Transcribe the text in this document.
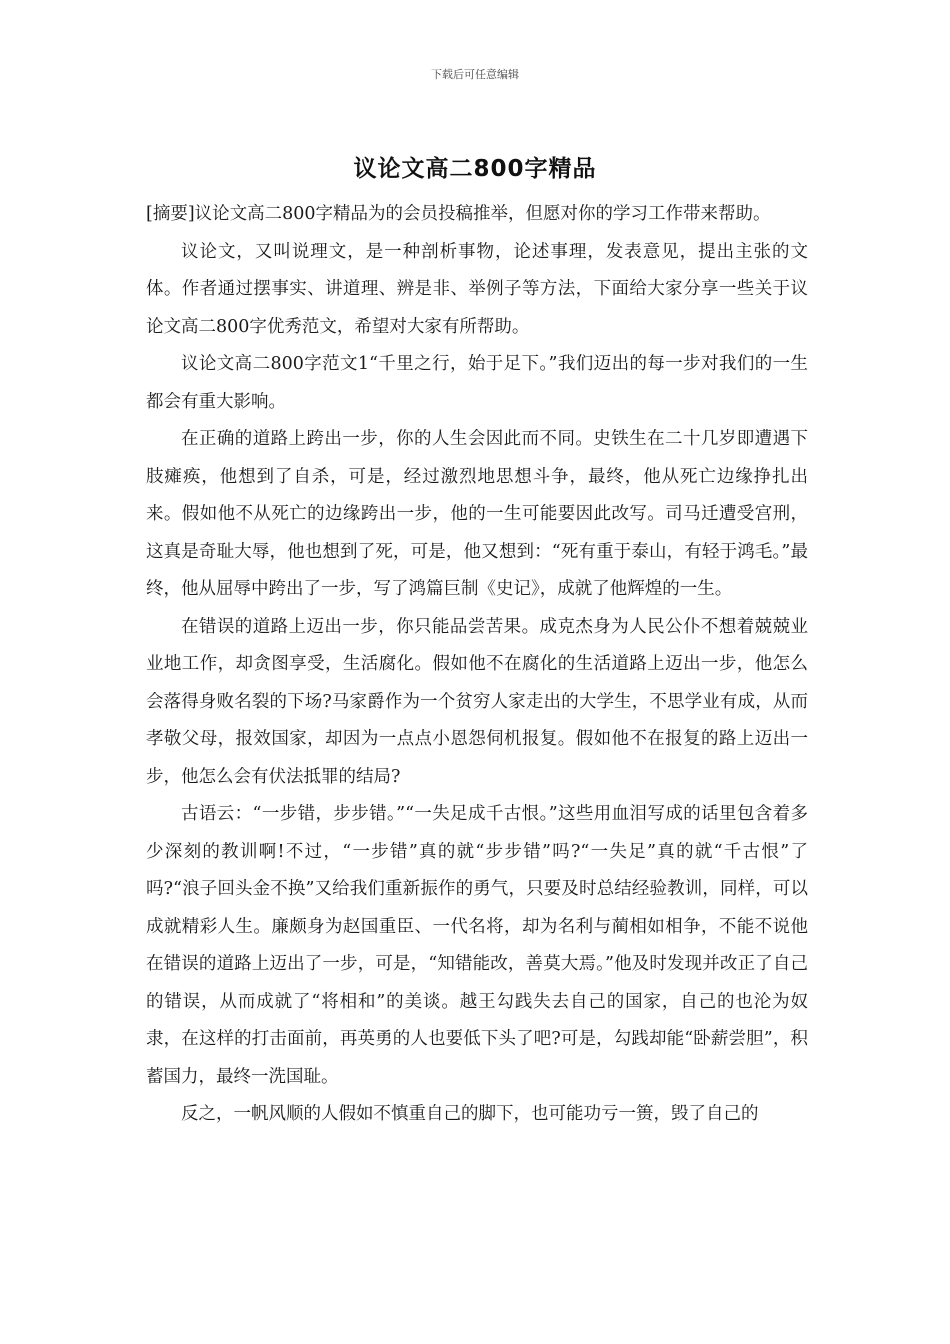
下载后可任意编辑
议论文高二800字精品

[摘要]议论文高二800字精品为的会员投稿推举，但愿对你的学习工作带来帮助。

议论文，又叫说理文，是一种剖析事物，论述事理，发表意见，提出主张的文体。作者通过摆事实、讲道理、辨是非、举例子等方法，下面给大家分享一些关于议论文高二800字优秀范文，希望对大家有所帮助。

议论文高二800字范文1“千里之行，始于足下。”我们迈出的每一步对我们的一生都会有重大影响。

在正确的道路上跨出一步，你的人生会因此而不同。史铁生在二十几岁即遭遇下肢瘫痪，他想到了自杀，可是，经过激烈地思想斗争，最终，他从死亡边缘挣扎出来。假如他不从死亡的边缘跨出一步，他的一生可能要因此改写。司马迁遭受宫刑，这真是奇耻大辱，他也想到了死，可是，他又想到：“死有重于泰山，有轻于鸿毛。”最终，他从屈辱中跨出了一步，写了鸿篇巨制《史记》，成就了他辉煌的一生。

在错误的道路上迈出一步，你只能品尝苦果。成克杰身为人民公仆不想着兢兢业业地工作，却贪图享受，生活腐化。假如他不在腐化的生活道路上迈出一步，他怎么会落得身败名裂的下场?马家爵作为一个贫穷人家走出的大学生，不思学业有成，从而孝敬父母，报效国家，却因为一点点小恩怨伺机报复。假如他不在报复的路上迈出一步，他怎么会有伏法抵罪的结局?

古语云：“一步错，步步错。”“一失足成千古恨。”这些用血泪写成的话里包含着多少深刻的教训啊!不过，“一步错”真的就“步步错”吗?“一失足”真的就“千古恨”了吗?“浪子回头金不换”又给我们重新振作的勇气，只要及时总结经验教训，同样，可以成就精彩人生。廉颇身为赵国重臣、一代名将，却为名利与蔺相如相争，不能不说他在错误的道路上迈出了一步，可是，“知错能改，善莫大焉。”他及时发现并改正了自己的错误，从而成就了“将相和”的美谈。越王勾践失去自己的国家，自己的也沦为奴隶，在这样的打击面前，再英勇的人也要低下头了吧?可是，勾践却能“卧薪尝胆”，积蓄国力，最终一洗国耻。

反之，一帆风顺的人假如不慎重自己的脚下，也可能功亏一篑，毁了自己的
